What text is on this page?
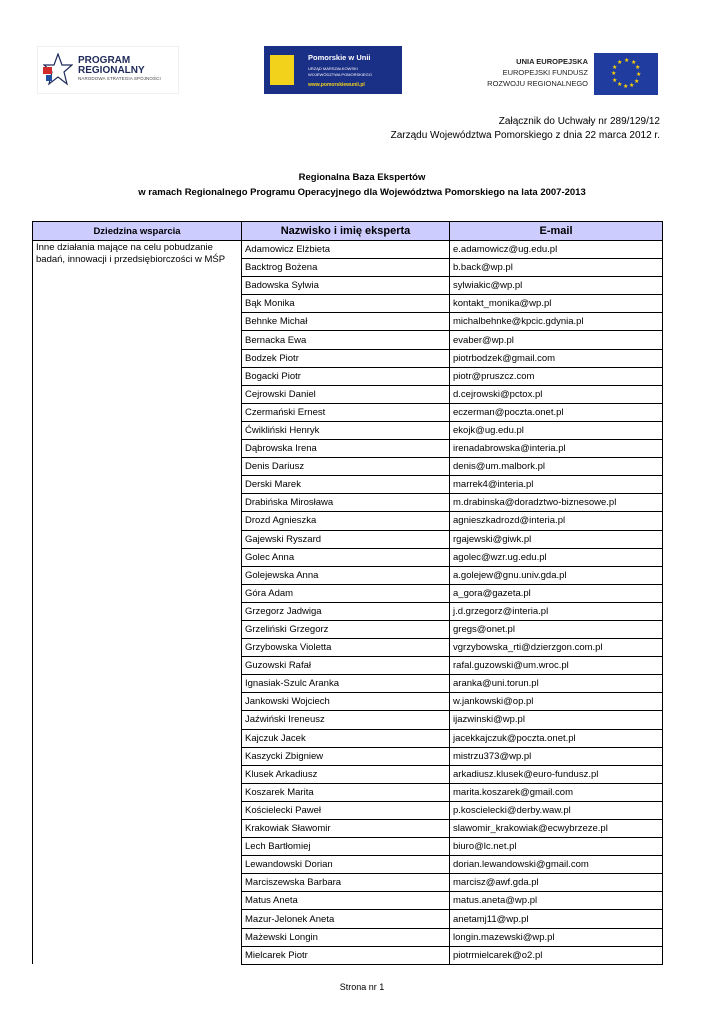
PROGRAM
REGIONALNY
NARODOWA STRATEGIA SPÓJNOŚCI
Pomorskie w Unii
URZĄD MARSZAŁKOWSKI
WOJEWÓDZTWA POMORSKIEGO
www.pomorskiewunii.pl
UNIA EUROPEJSKA
EUROPEJSKI FUNDUSZ
ROZWOJU REGIONALNEGO
★ ★
★
★
★
★
★
★
★
★
★
★
Załącznik do Uchwały nr 289/129/12
Zarządu Województwa Pomorskiego z dnia 22 marca 2012 r.
Regionalna Baza Ekspertów
w ramach Regionalnego Programu Operacyjnego dla Województwa Pomorskiego na lata 2007-2013
Dziedzina wsparcia	Nazwisko i imię eksperta	E-mail
Inne działania mające na celu pobudzanie badań, innowacji i przedsiębiorczości w MŚP	Adamowicz Elżbieta	e.adamowicz@ug.edu.pl
	Backtrog Bożena	b.back@wp.pl
	Badowska Sylwia	sylwiakic@wp.pl
	Bąk Monika	kontakt_monika@wp.pl
	Behnke Michał	michalbehnke@kpcic.gdynia.pl
	Bernacka Ewa	evaber@wp.pl
	Bodzek Piotr	piotrbodzek@gmail.com
	Bogacki Piotr	piotr@pruszcz.com
	Cejrowski Daniel	d.cejrowski@pctox.pl
	Czermański Ernest	eczerman@poczta.onet.pl
	Ćwikliński Henryk	ekojk@ug.edu.pl
	Dąbrowska Irena	irenadabrowska@interia.pl
	Denis Dariusz	denis@um.malbork.pl
	Derski Marek	marrek4@interia.pl
	Drabińska Mirosława	m.drabinska@doradztwo-biznesowe.pl
	Drozd Agnieszka	agnieszkadrozd@interia.pl
	Gajewski Ryszard	rgajewski@giwk.pl
	Golec Anna	agolec@wzr.ug.edu.pl
	Golejewska Anna	a.golejew@gnu.univ.gda.pl
	Góra Adam	a_gora@gazeta.pl
	Grzegorz Jadwiga	j.d.grzegorz@interia.pl
	Grzeliński Grzegorz	gregs@onet.pl
	Grzybowska Violetta	vgrzybowska_rti@dzierzgon.com.pl
	Guzowski Rafał	rafal.guzowski@um.wroc.pl
	Ignasiak-Szulc Aranka	aranka@uni.torun.pl
	Jankowski Wojciech	w.jankowski@op.pl
	Jaźwiński Ireneusz	ijazwinski@wp.pl
	Kajczuk Jacek	jacekkajczuk@poczta.onet.pl
	Kaszycki Zbigniew	mistrzu373@wp.pl
	Klusek Arkadiusz	arkadiusz.klusek@euro-fundusz.pl
	Koszarek Marita	marita.koszarek@gmail.com
	Kościelecki Paweł	p.koscielecki@derby.waw.pl
	Krakowiak Sławomir	slawomir_krakowiak@ecwybrzeze.pl
	Lech Bartłomiej	biuro@lc.net.pl
	Lewandowski Dorian	dorian.lewandowski@gmail.com
	Marciszewska Barbara	marcisz@awf.gda.pl
	Matus Aneta	matus.aneta@wp.pl
	Mazur-Jelonek Aneta	anetamj11@wp.pl
	Mażewski Longin	longin.mazewski@wp.pl
	Mielcarek Piotr	piotrmielcarek@o2.pl
Strona nr 1
